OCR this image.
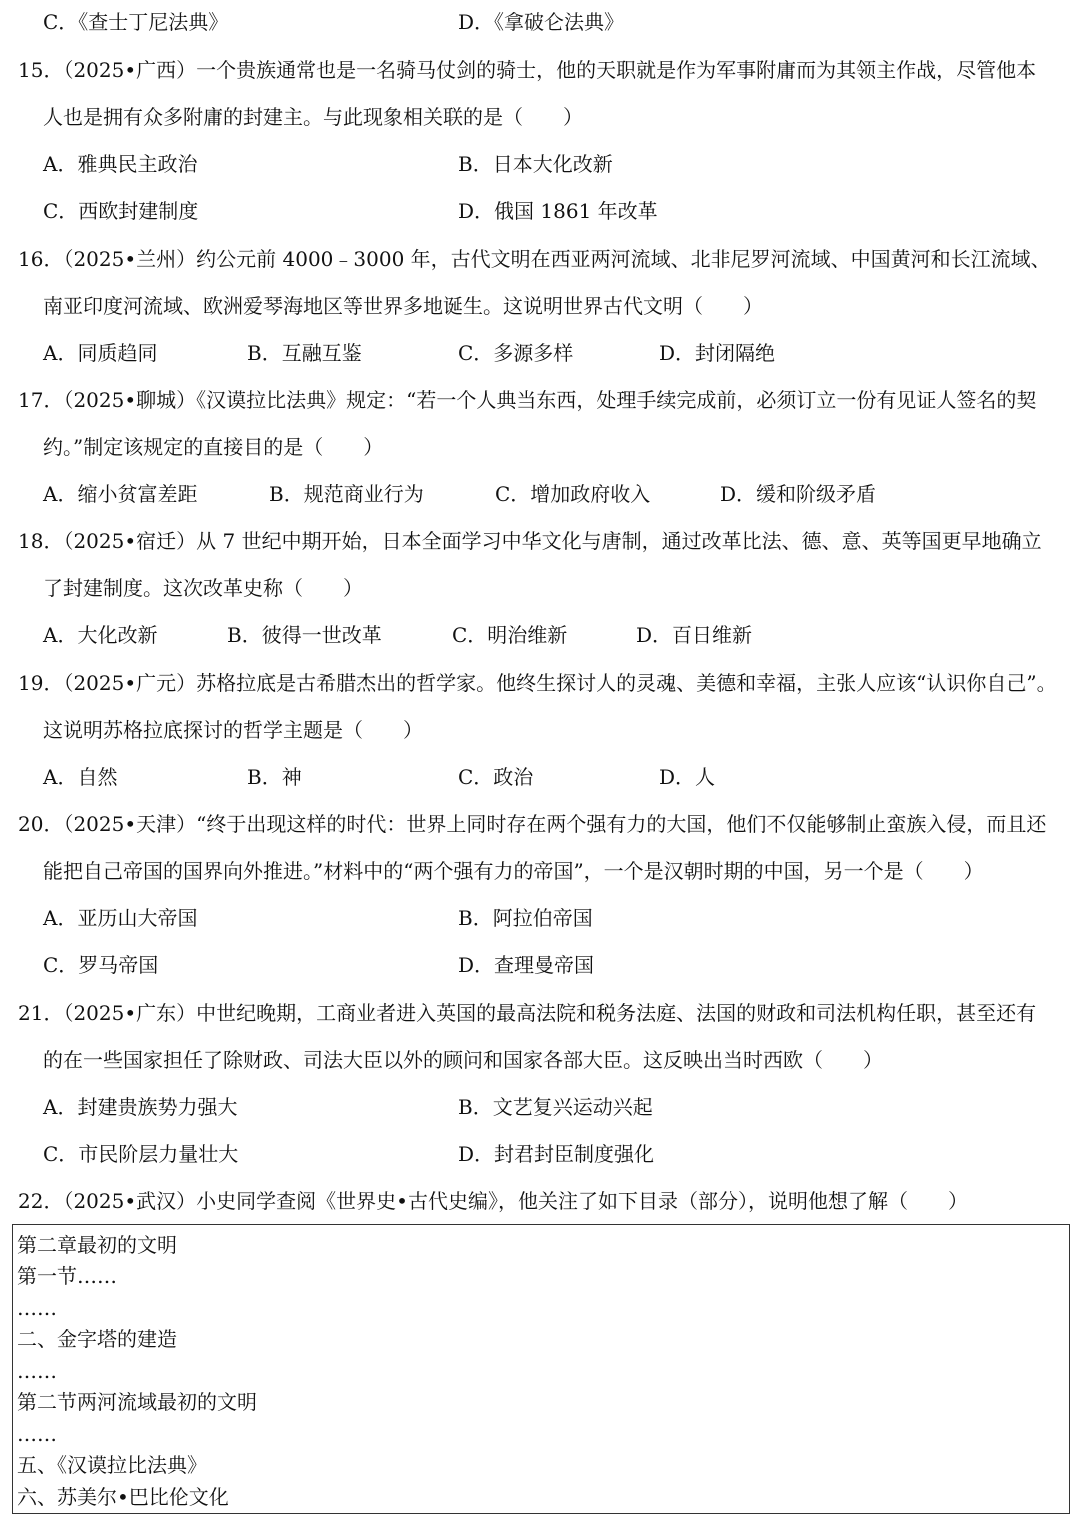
C．《查士丁尼法典》	D．《拿破仑法典》
15．（2025•广西）一个贵族通常也是一名骑马仗剑的骑士，他的天职就是作为军事附庸而为其领主作战，尽管他本
人也是拥有众多附庸的封建主。与此现象相关联的是（　　）
A．雅典民主政治	B．日本大化改新
C．西欧封建制度	D．俄国 1861 年改革
16．（2025•兰州）约公元前 4000﹣3000 年，古代文明在西亚两河流域、北非尼罗河流域、中国黄河和长江流域、
南亚印度河流域、欧洲爱琴海地区等世界多地诞生。这说明世界古代文明（　　）
A．同质趋同	B．互融互鉴	C．多源多样	D．封闭隔绝
17．（2025•聊城）《汉谟拉比法典》规定：“若一个人典当东西，处理手续完成前，必须订立一份有见证人签名的契
约。”制定该规定的直接目的是（　　）
A．缩小贫富差距	B．规范商业行为	C．增加政府收入	D．缓和阶级矛盾
18．（2025•宿迁）从 7 世纪中期开始，日本全面学习中华文化与唐制，通过改革比法、德、意、英等国更早地确立
了封建制度。这次改革史称（　　）
A．大化改新	B．彼得一世改革	C．明治维新	D．百日维新
19．（2025•广元）苏格拉底是古希腊杰出的哲学家。他终生探讨人的灵魂、美德和幸福，主张人应该“认识你自己”。
这说明苏格拉底探讨的哲学主题是（　　）
A．自然	B．神	C．政治	D．人
20．（2025•天津）“终于出现这样的时代：世界上同时存在两个强有力的大国，他们不仅能够制止蛮族入侵，而且还
能把自己帝国的国界向外推进。”材料中的“两个强有力的帝国”，一个是汉朝时期的中国，另一个是（　　）
A．亚历山大帝国	B．阿拉伯帝国
C．罗马帝国	D．查理曼帝国
21．（2025•广东）中世纪晚期，工商业者进入英国的最高法院和税务法庭、法国的财政和司法机构任职，甚至还有
的在一些国家担任了除财政、司法大臣以外的顾问和国家各部大臣。这反映出当时西欧（　　）
A．封建贵族势力强大	B．文艺复兴运动兴起
C．市民阶层力量壮大	D．封君封臣制度强化
22．（2025•武汉）小史同学查阅《世界史•古代史编》，他关注了如下目录（部分），说明他想了解（　　）
第二章最初的文明
第一节……
……
二、金字塔的建造
……
第二节两河流域最初的文明
……
五、《汉谟拉比法典》
六、苏美尔•巴比伦文化
